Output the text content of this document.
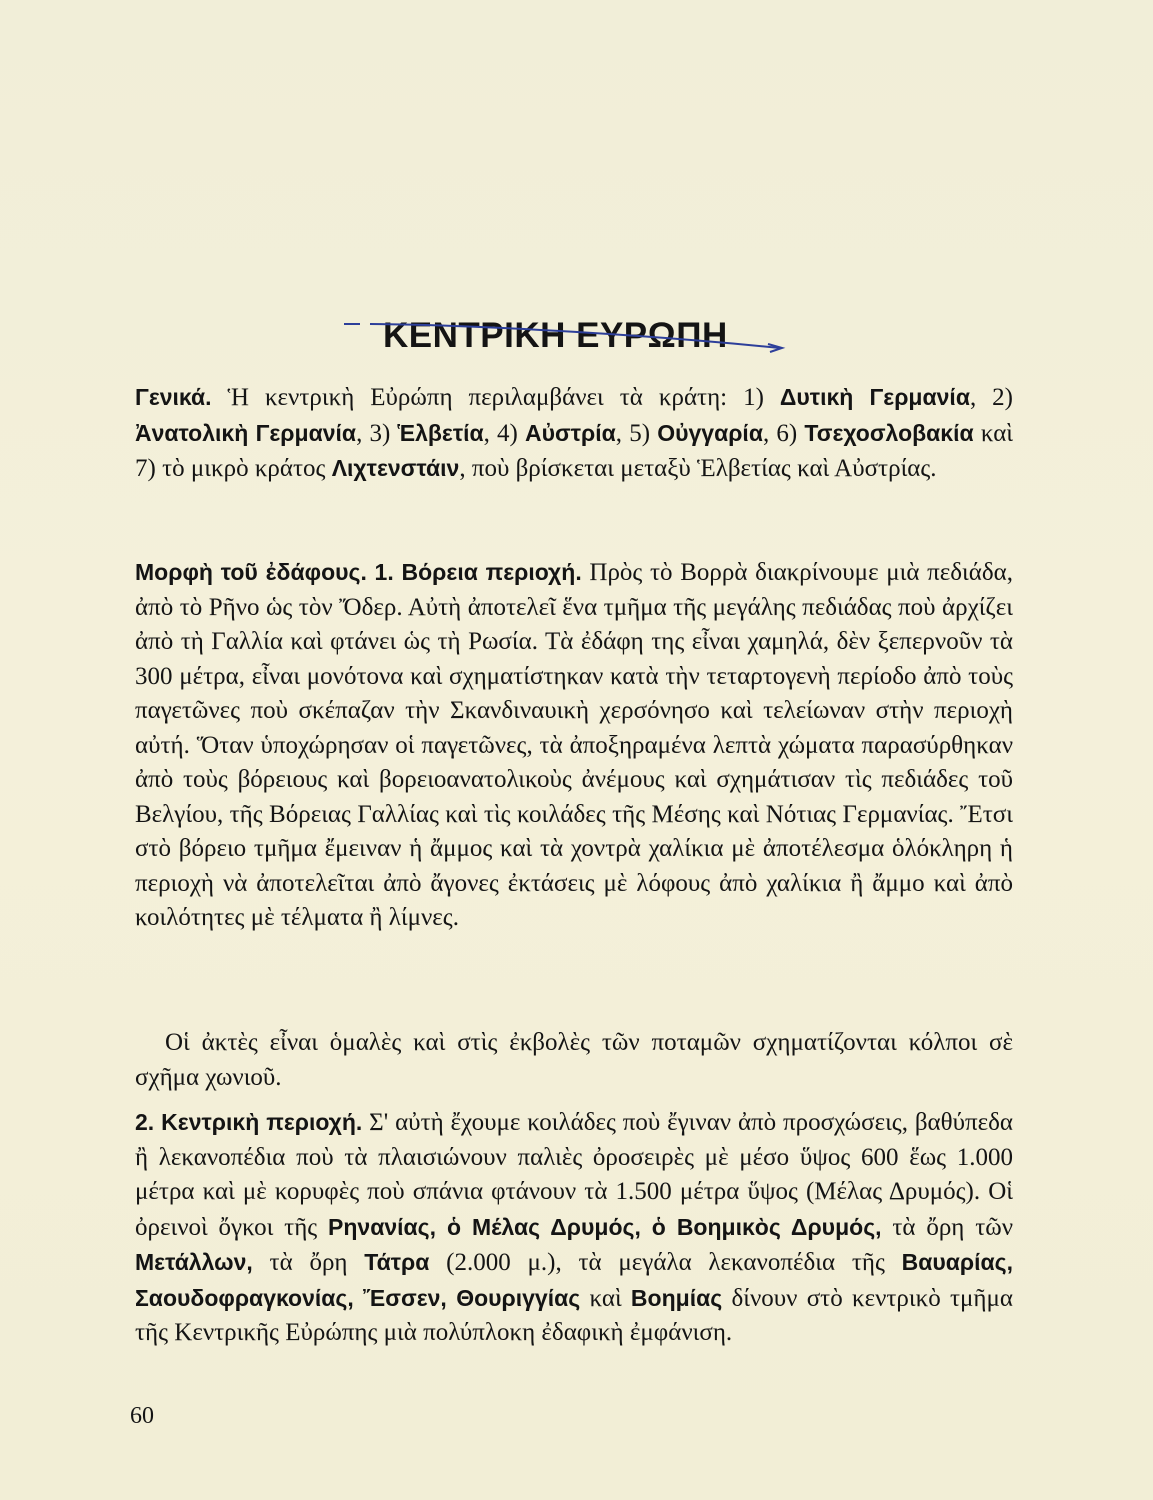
ΚΕΝΤΡΙΚΗ ΕΥΡΩΠΗ

Γενικά. Ἡ κεντρικὴ Εὐρώπη περιλαμβάνει τὰ κράτη: 1) Δυτικὴ Γερμανία, 2) Ἀνατολικὴ Γερμανία, 3) Ἑλβετία, 4) Αὐστρία, 5) Οὐγγαρία, 6) Τσεχοσλοβακία καὶ 7) τὸ μικρὸ κράτος Λιχτενστάιν, ποὺ βρίσκεται μεταξὺ Ἑλβετίας καὶ Αὐστρίας.

Μορφὴ τοῦ ἐδάφους. 1. Βόρεια περιοχή. Πρὸς τὸ Βορρὰ διακρίνουμε μιὰ πεδιάδα, ἀπὸ τὸ Ρῆνο ὡς τὸν Ὄδερ. Αὐτὴ ἀποτελεῖ ἕνα τμῆμα τῆς μεγάλης πεδιάδας ποὺ ἀρχίζει ἀπὸ τὴ Γαλλία καὶ φτάνει ὡς τὴ Ρωσία. Τὰ ἐδάφη της εἶναι χαμηλά, δὲν ξεπερνοῦν τὰ 300 μέτρα, εἶναι μονότονα καὶ σχηματίστηκαν κατὰ τὴν τεταρτογενὴ περίοδο ἀπὸ τοὺς παγετῶνες ποὺ σκέπαζαν τὴν Σκανδιναυικὴ χερσόνησο καὶ τελείωναν στὴν περιοχὴ αὐτή. Ὅταν ὑποχώρησαν οἱ παγετῶνες, τὰ ἀποξηραμένα λεπτὰ χώματα παρασύρθηκαν ἀπὸ τοὺς βόρειους καὶ βορειοανατολικοὺς ἀνέμους καὶ σχημάτισαν τὶς πεδιάδες τοῦ Βελγίου, τῆς Βόρειας Γαλλίας καὶ τὶς κοιλάδες τῆς Μέσης καὶ Νότιας Γερμανίας. Ἔτσι στὸ βόρειο τμῆμα ἔμειναν ἡ ἄμμος καὶ τὰ χοντρὰ χαλίκια μὲ ἀποτέλεσμα ὁλόκληρη ἡ περιοχὴ νὰ ἀποτελεῖται ἀπὸ ἄγονες ἐκτάσεις μὲ λόφους ἀπὸ χαλίκια ἢ ἄμμο καὶ ἀπὸ κοιλότητες μὲ τέλματα ἢ λίμνες.

Οἱ ἀκτὲς εἶναι ὁμαλὲς καὶ στὶς ἐκβολὲς τῶν ποταμῶν σχηματίζονται κόλποι σὲ σχῆμα χωνιοῦ.

2. Κεντρικὴ περιοχή. Σ' αὐτὴ ἔχουμε κοιλάδες ποὺ ἔγιναν ἀπὸ προσχώσεις, βαθύπεδα ἢ λεκανοπέδια ποὺ τὰ πλαισιώνουν παλιὲς ὀροσειρὲς μὲ μέσο ὕψος 600 ἕως 1.000 μέτρα καὶ μὲ κορυφὲς ποὺ σπάνια φτάνουν τὰ 1.500 μέτρα ὕψος (Μέλας Δρυμός). Οἱ ὀρεινοὶ ὄγκοι τῆς Ρηνανίας, ὁ Μέλας Δρυμός, ὁ Βοημικὸς Δρυμός, τὰ ὄρη τῶν Μετάλλων, τὰ ὄρη Τάτρα (2.000 μ.), τὰ μεγάλα λεκανοπέδια τῆς Βαυαρίας, Σαουδοφραγκονίας, Ἔσσεν, Θουριγγίας καὶ Βοημίας δίνουν στὸ κεντρικὸ τμῆμα τῆς Κεντρικῆς Εὐρώπης μιὰ πολύπλοκη ἐδαφικὴ ἐμφάνιση.

60
